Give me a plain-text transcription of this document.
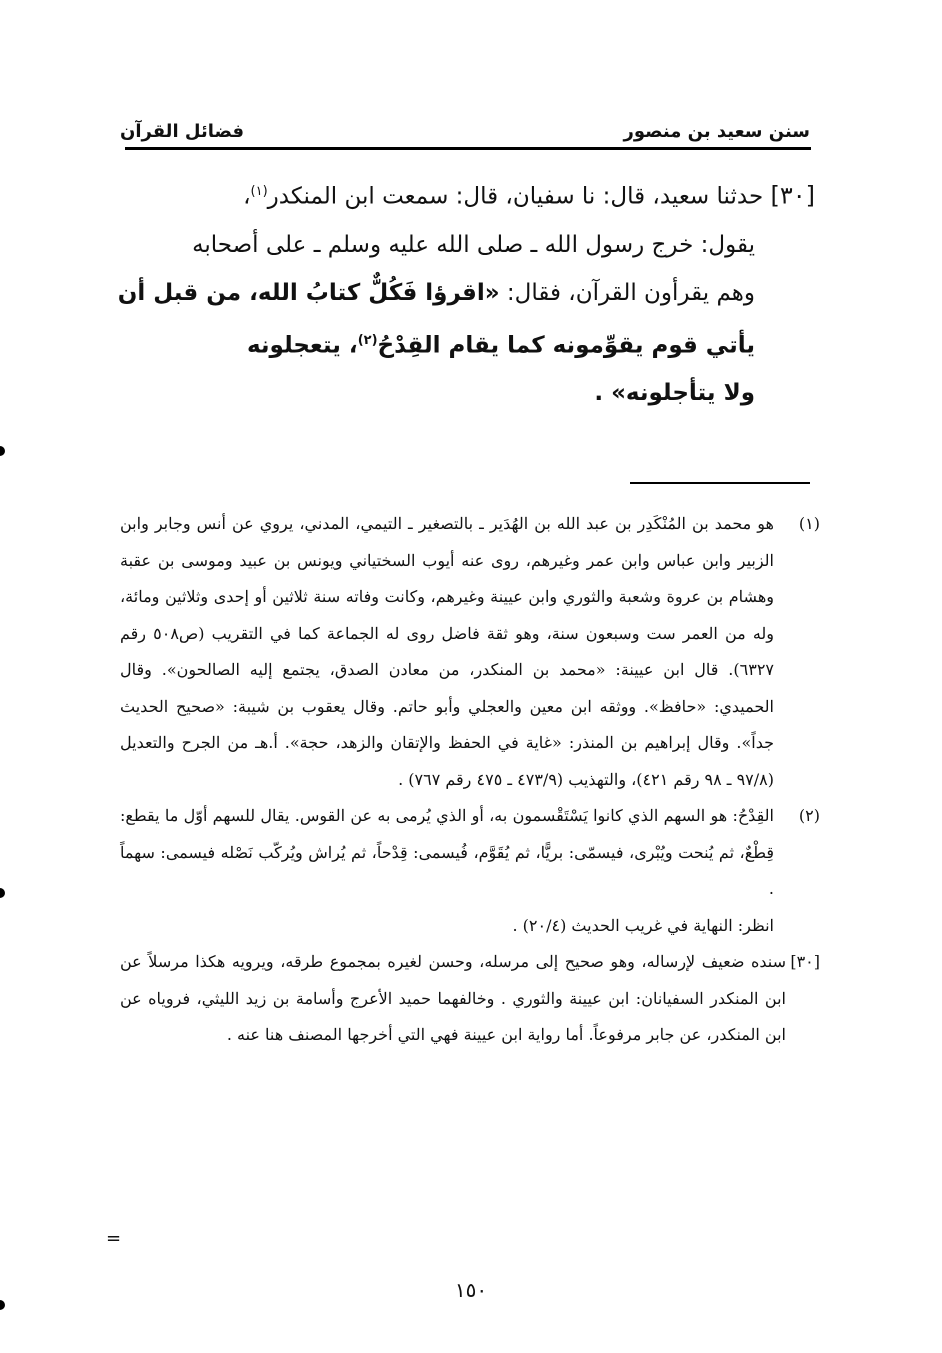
سنن سعيد بن منصور
فضائل القرآن
[٣٠] حدثنا سعيد، قال: نا سفيان، قال: سمعت ابن المنكدر$^{(١)}$،
يقول: خرج رسول الله ـ صلى الله عليه وسلم ـ على أصحابه
وهم يقرأون القرآن، فقال: «اقرؤا فَكُلٌّ كتابُ الله، من قبل أن
يأتي قوم يقوِّمونه كما يقام القِدْحُ$^{(٢)}$، يتعجلونه
ولا يتأجلونه» .
(١)
هو محمد بن المُنْكَدِر بن عبد الله بن الهُدَير ـ بالتصغير ـ التيمي، المدني، يروي عن أنس وجابر وابن الزبير وابن عباس وابن عمر وغيرهم، روى عنه أيوب السختياني ويونس بن عبيد وموسى بن عقبة وهشام بن عروة وشعبة والثوري وابن عيينة وغيرهم، وكانت وفاته سنة ثلاثين أو إحدى وثلاثين ومائة، وله من العمر ست وسبعون سنة، وهو ثقة فاضل روى له الجماعة كما في التقريب (ص٥٠٨ رقم ٦٣٢٧). قال ابن عيينة: «محمد بن المنكدر، من معادن الصدق، يجتمع إليه الصالحون». وقال الحميدي: «حافظ». ووثقه ابن معين والعجلي وأبو حاتم. وقال يعقوب بن شيبة: «صحيح الحديث جداً». وقال إبراهيم بن المنذر: «غاية في الحفظ والإتقان والزهد، حجة». أ.هـ من الجرح والتعديل (٩٧/٨ ـ ٩٨ رقم ٤٢١)، والتهذيب (٤٧٣/٩ ـ ٤٧٥ رقم ٧٦٧) .
(٢)
القِدْحُ: هو السهم الذي كانوا يَسْتَقْسمون به، أو الذي يُرمى به عن القوس. يقال للسهم أوّل ما يقطع: قِطْعٌ، ثم يُنحت ويُبْرى، فيسمّى: بريًّا، ثم يُقَوَّم، فُيسمى: قِدْحاً، ثم يُراش ويُركّب نَصْله فيسمى: سهماً .
انظر: النهاية في غريب الحديث (٢٠/٤) .
[٣٠]
سنده ضعيف لإرساله، وهو صحيح إلى مرسله، وحسن لغيره بمجموع طرقه، ويرويه هكذا مرسلاً عن ابن المنكدر السفيانان: ابن عيينة والثوري . وخالفهما حميد الأعرج وأسامة بن زيد الليثي، فروياه عن ابن المنكدر، عن جابر مرفوعاً. أما رواية ابن عيينة فهي التي أخرجها المصنف هنا عنه .
=
١٥٠
